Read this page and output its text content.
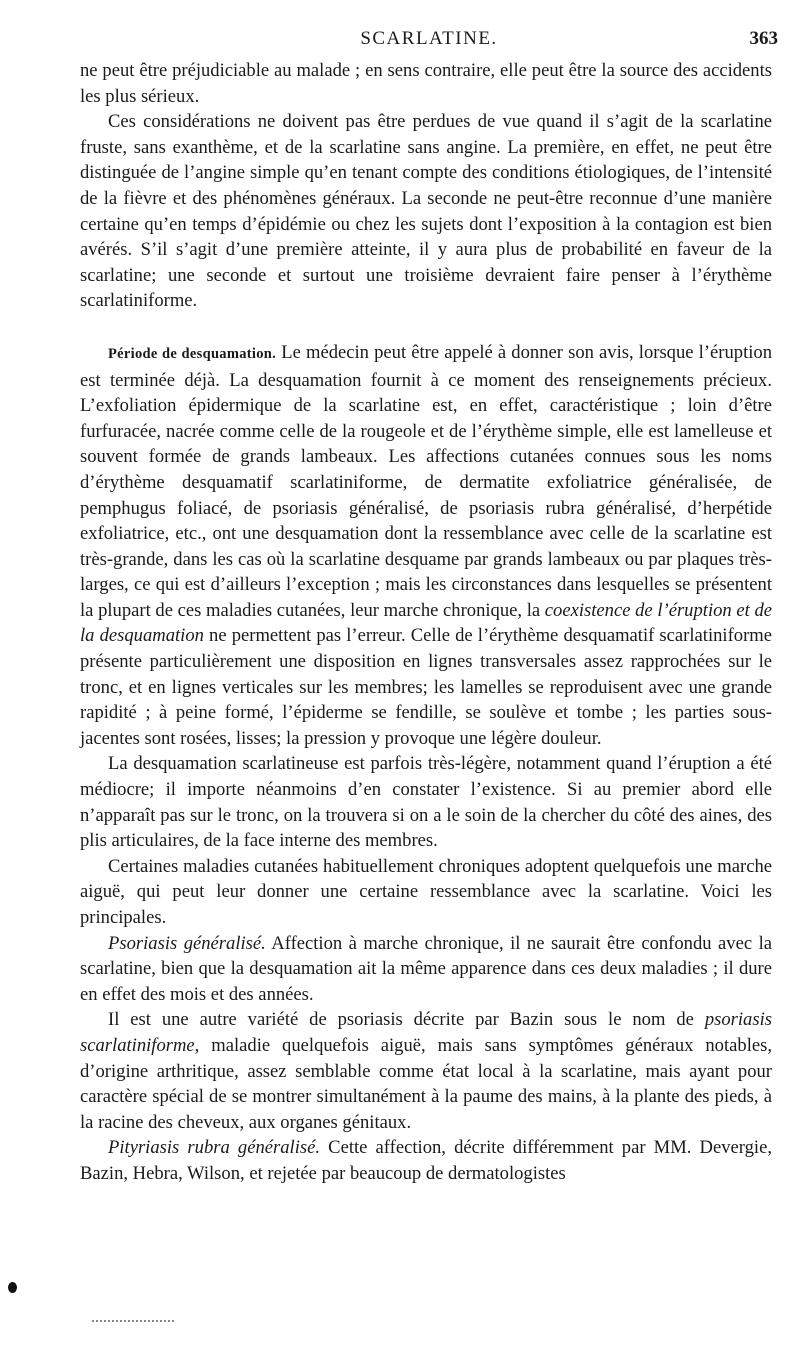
SCARLATINE.	363

ne peut être préjudiciable au malade ; en sens contraire, elle peut être la source des accidents les plus sérieux.

Ces considérations ne doivent pas être perdues de vue quand il s’agit de la scarlatine fruste, sans exanthème, et de la scarlatine sans angine. La première, en effet, ne peut être distinguée de l’angine simple qu’en tenant compte des conditions étiologiques, de l’intensité de la fièvre et des phénomènes généraux. La seconde ne peut-être reconnue d’une manière certaine qu’en temps d’épidémie ou chez les sujets dont l’exposition à la contagion est bien avérés. S’il s’agit d’une première atteinte, il y aura plus de probabilité en faveur de la scarlatine; une seconde et surtout une troisième devraient faire penser à l’érythème scarlatiniforme.

Période de desquamation. Le médecin peut être appelé à donner son avis, lorsque l’éruption est terminée déjà. La desquamation fournit à ce moment des renseignements précieux. L’exfoliation épidermique de la scarlatine est, en effet, caractéristique ; loin d’être furfuracée, nacrée comme celle de la rougeole et de l’érythème simple, elle est lamelleuse et souvent formée de grands lambeaux. Les affections cutanées connues sous les noms d’érythème desquamatif scarlatiniforme, de dermatite exfoliatrice généralisée, de pemphugus foliacé, de psoriasis généralisé, de psoriasis rubra généralisé, d’herpétide exfoliatrice, etc., ont une desquamation dont la ressemblance avec celle de la scarlatine est très-grande, dans les cas où la scarlatine desquame par grands lambeaux ou par plaques très-larges, ce qui est d’ailleurs l’exception ; mais les circonstances dans lesquelles se présentent la plupart de ces maladies cutanées, leur marche chronique, la coexistence de l’éruption et de la desquamation ne permettent pas l’erreur. Celle de l’érythème desquamatif scarlatiniforme présente particulièrement une disposition en lignes transversales assez rapprochées sur le tronc, et en lignes verticales sur les membres; les lamelles se reproduisent avec une grande rapidité ; à peine formé, l’épiderme se fendille, se soulève et tombe ; les parties sous-jacentes sont rosées, lisses; la pression y provoque une légère douleur.

La desquamation scarlatineuse est parfois très-légère, notamment quand l’éruption a été médiocre; il importe néanmoins d’en constater l’existence. Si au premier abord elle n’apparaît pas sur le tronc, on la trouvera si on a le soin de la chercher du côté des aines, des plis articulaires, de la face interne des membres.

Certaines maladies cutanées habituellement chroniques adoptent quelquefois une marche aiguë, qui peut leur donner une certaine ressemblance avec la scarlatine. Voici les principales.

Psoriasis généralisé. Affection à marche chronique, il ne saurait être confondu avec la scarlatine, bien que la desquamation ait la même apparence dans ces deux maladies ; il dure en effet des mois et des années.

Il est une autre variété de psoriasis décrite par Bazin sous le nom de psoriasis scarlatiniforme, maladie quelquefois aiguë, mais sans symptômes généraux notables, d’origine arthritique, assez semblable comme état local à la scarlatine, mais ayant pour caractère spécial de se montrer simultanément à la paume des mains, à la plante des pieds, à la racine des cheveux, aux organes génitaux.

Pityriasis rubra généralisé. Cette affection, décrite différemment par MM. Devergie, Bazin, Hebra, Wilson, et rejetée par beaucoup de dermatologistes
